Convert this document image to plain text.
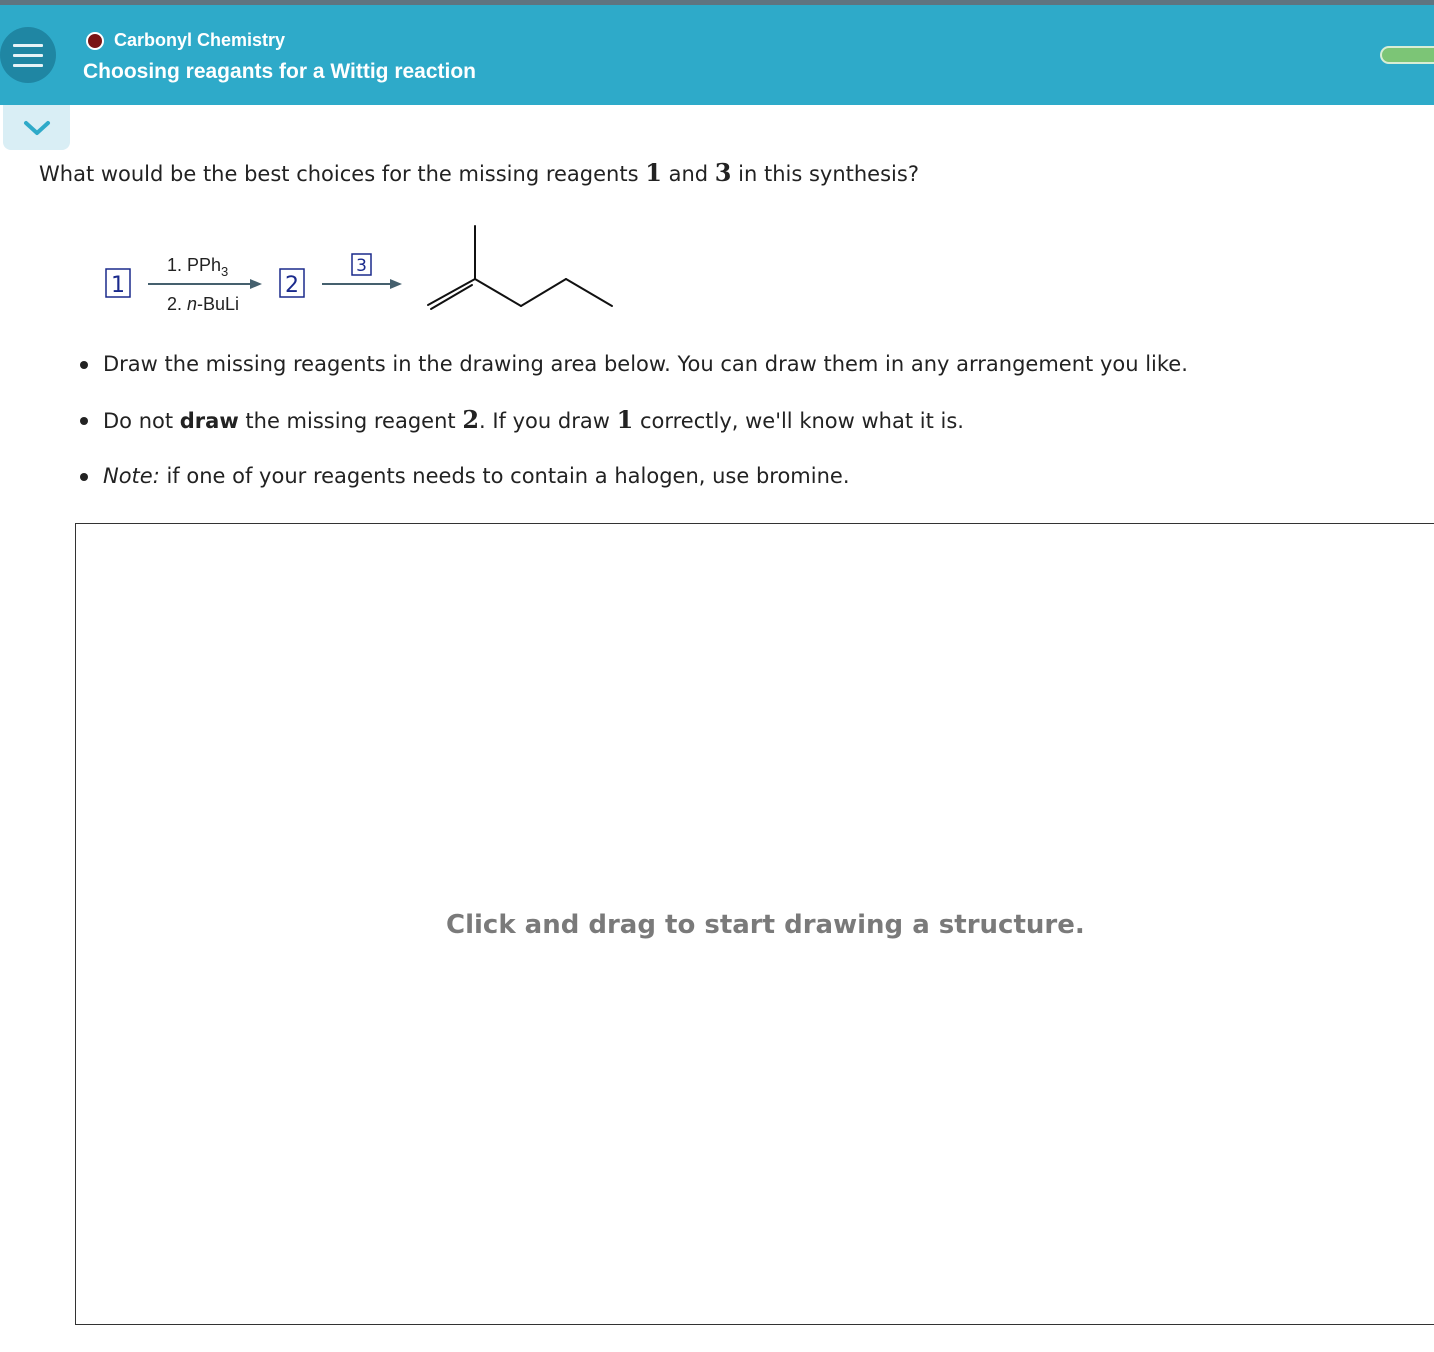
Carbonyl Chemistry
Choosing reagants for a Wittig reaction
What would be the best choices for the missing reagents 1 and 3 in this synthesis?
1
1. PPh$_3$
2. n-BuLi
2
3
Draw the missing reagents in the drawing area below. You can draw them in any arrangement you like.
Do not draw the missing reagent 2. If you draw 1 correctly, we'll know what it is.
Note: if one of your reagents needs to contain a halogen, use bromine.
Click and drag to start drawing a structure.
